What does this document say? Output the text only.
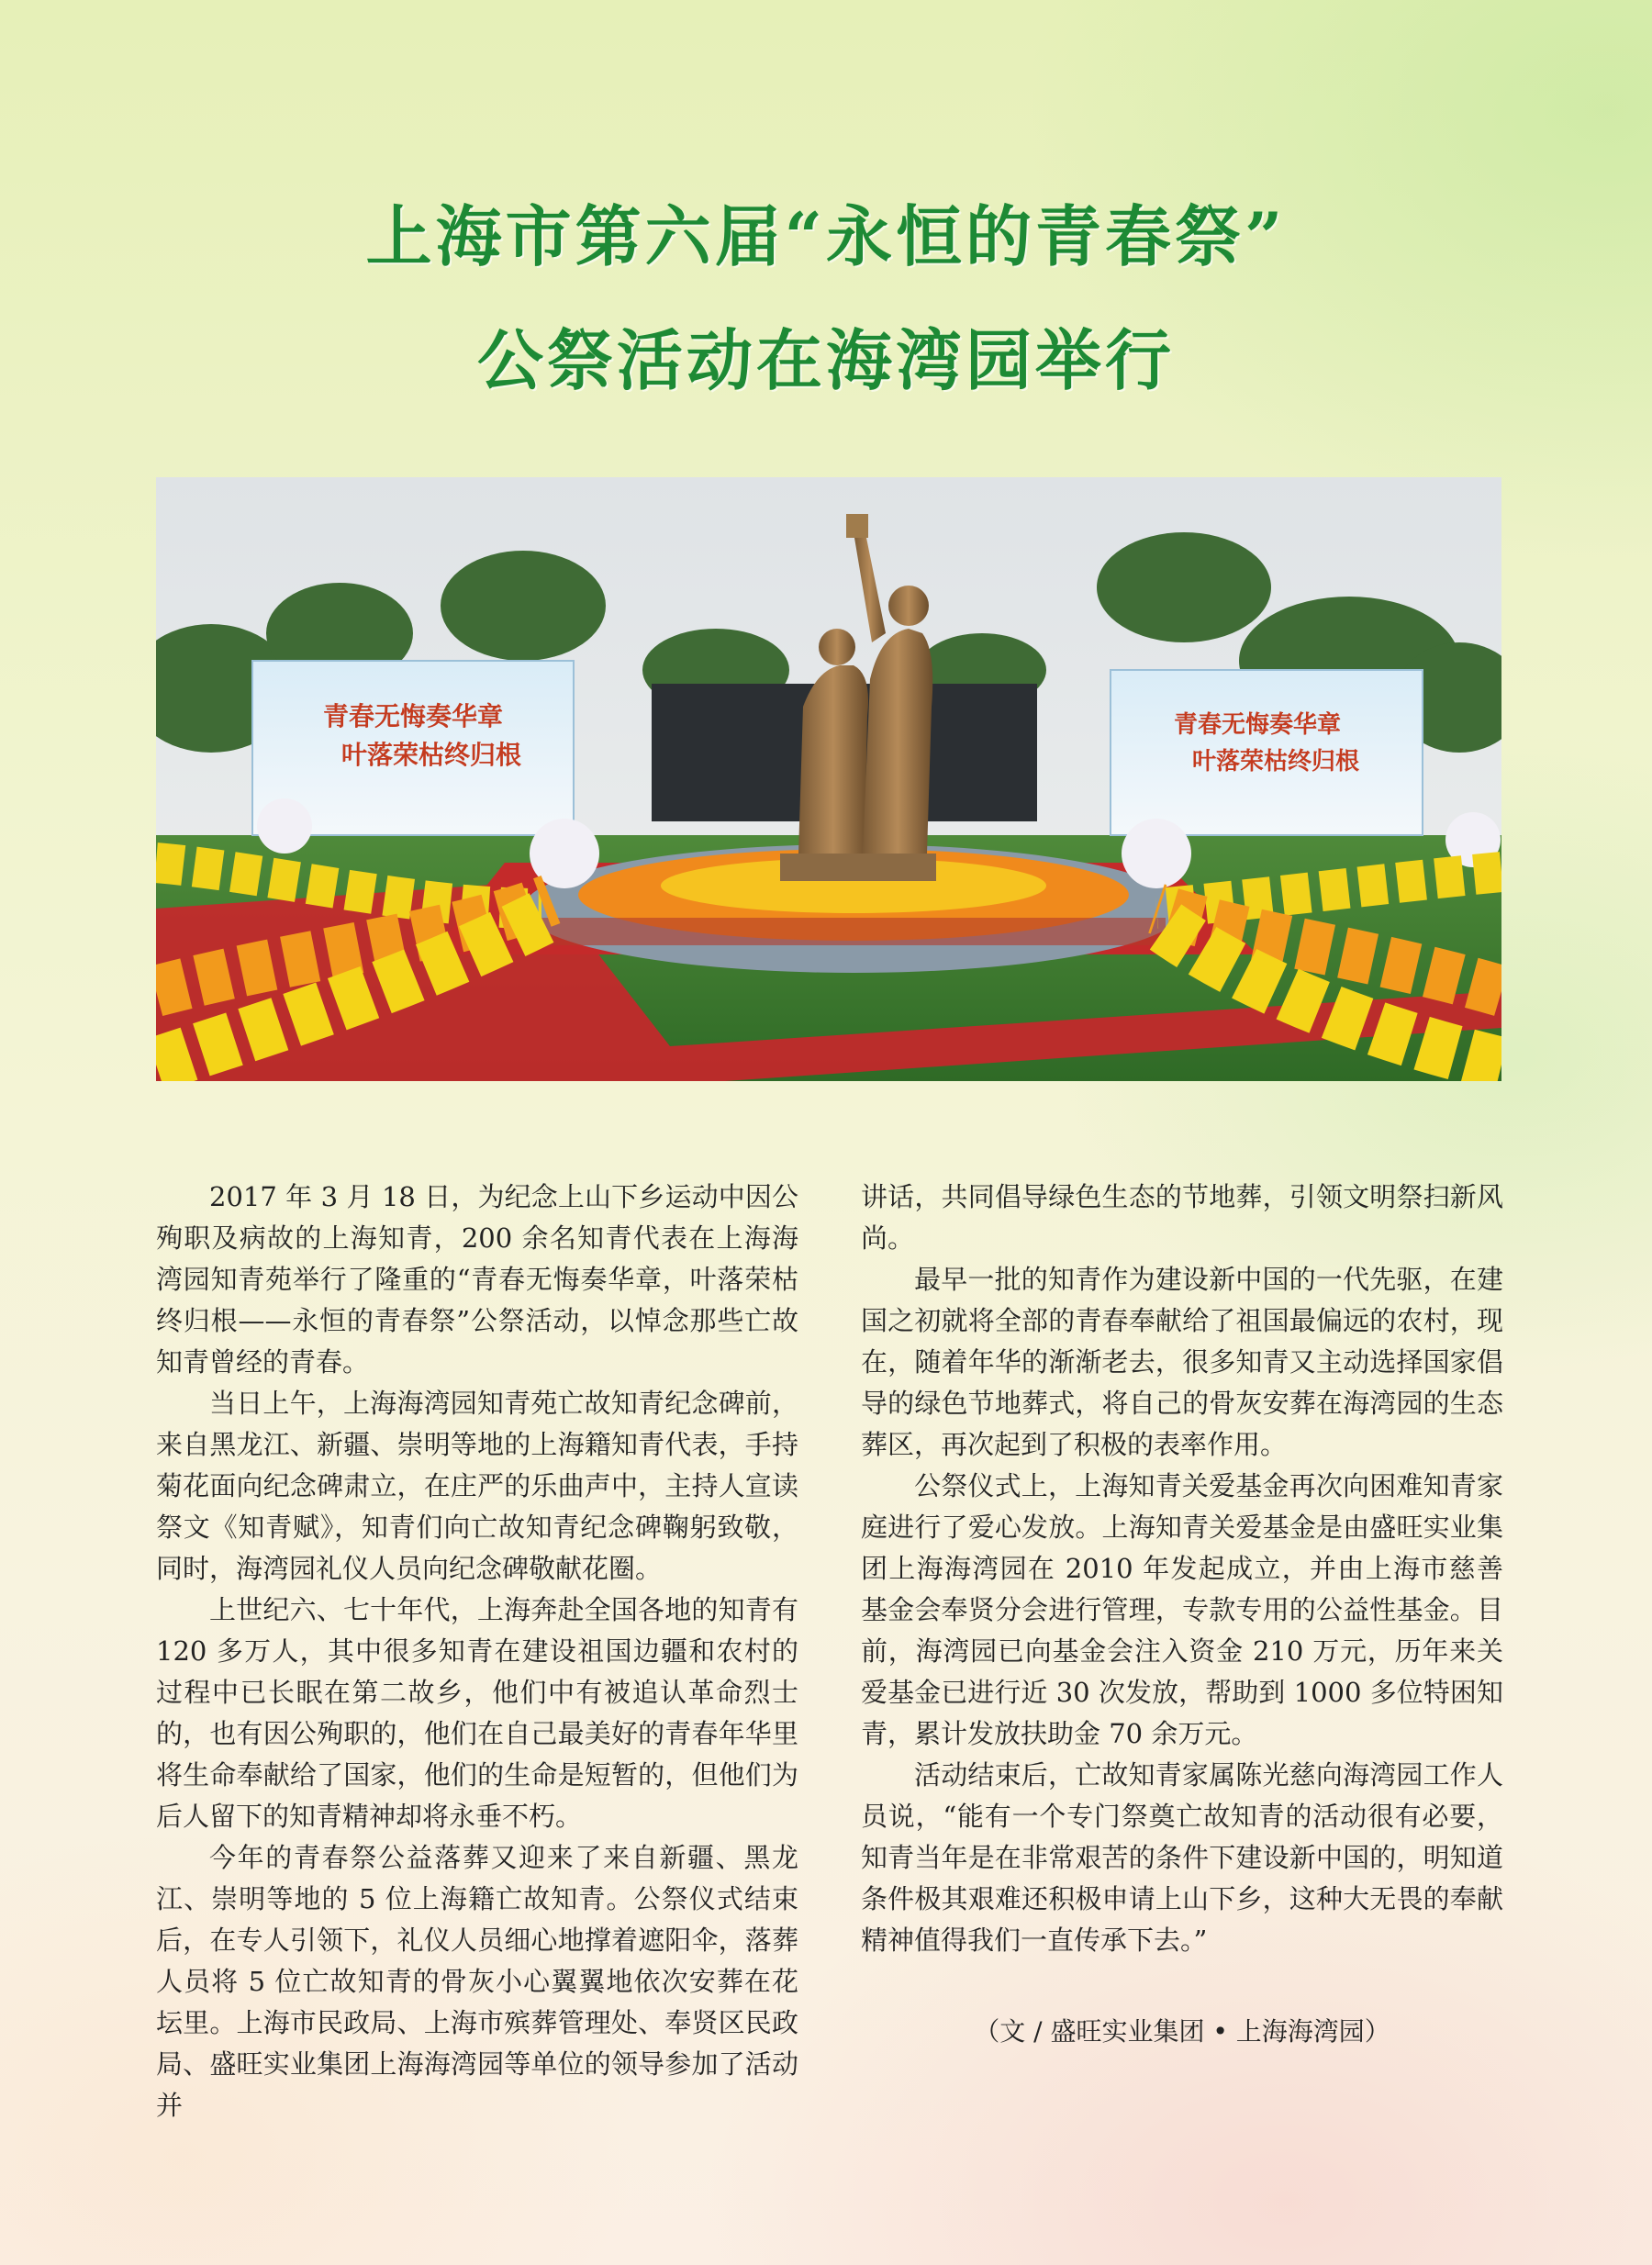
上海市第六届“永恒的青春祭”
公祭活动在海湾园举行
青春无悔奏华章
叶落荣枯终归根
青春无悔奏华章
叶落荣枯终归根

2017 年 3 月 18 日，为纪念上山下乡运动中因公殉职及病故的上海知青，200 余名知青代表在上海海湾园知青苑举行了隆重的“青春无悔奏华章，叶落荣枯终归根——永恒的青春祭”公祭活动，以悼念那些亡故知青曾经的青春。

当日上午，上海海湾园知青苑亡故知青纪念碑前，来自黑龙江、新疆、崇明等地的上海籍知青代表，手持菊花面向纪念碑肃立，在庄严的乐曲声中，主持人宣读祭文《知青赋》，知青们向亡故知青纪念碑鞠躬致敬，同时，海湾园礼仪人员向纪念碑敬献花圈。

上世纪六、七十年代，上海奔赴全国各地的知青有 120 多万人，其中很多知青在建设祖国边疆和农村的过程中已长眠在第二故乡，他们中有被追认革命烈士的，也有因公殉职的，他们在自己最美好的青春年华里将生命奉献给了国家，他们的生命是短暂的，但他们为后人留下的知青精神却将永垂不朽。

今年的青春祭公益落葬又迎来了来自新疆、黑龙江、崇明等地的 5 位上海籍亡故知青。公祭仪式结束后，在专人引领下，礼仪人员细心地撑着遮阳伞，落葬人员将 5 位亡故知青的骨灰小心翼翼地依次安葬在花坛里。上海市民政局、上海市殡葬管理处、奉贤区民政局、盛旺实业集团上海海湾园等单位的领导参加了活动并

讲话，共同倡导绿色生态的节地葬，引领文明祭扫新风尚。

最早一批的知青作为建设新中国的一代先驱，在建国之初就将全部的青春奉献给了祖国最偏远的农村，现在，随着年华的渐渐老去，很多知青又主动选择国家倡导的绿色节地葬式，将自己的骨灰安葬在海湾园的生态葬区，再次起到了积极的表率作用。

公祭仪式上，上海知青关爱基金再次向困难知青家庭进行了爱心发放。上海知青关爱基金是由盛旺实业集团上海海湾园在 2010 年发起成立，并由上海市慈善基金会奉贤分会进行管理，专款专用的公益性基金。目前，海湾园已向基金会注入资金 210 万元，历年来关爱基金已进行近 30 次发放，帮助到 1000 多位特困知青，累计发放扶助金 70 余万元。

活动结束后，亡故知青家属陈光慈向海湾园工作人员说，“能有一个专门祭奠亡故知青的活动很有必要，知青当年是在非常艰苦的条件下建设新中国的，明知道条件极其艰难还积极申请上山下乡，这种大无畏的奉献精神值得我们一直传承下去。”

（文 / 盛旺实业集团 • 上海海湾园）
